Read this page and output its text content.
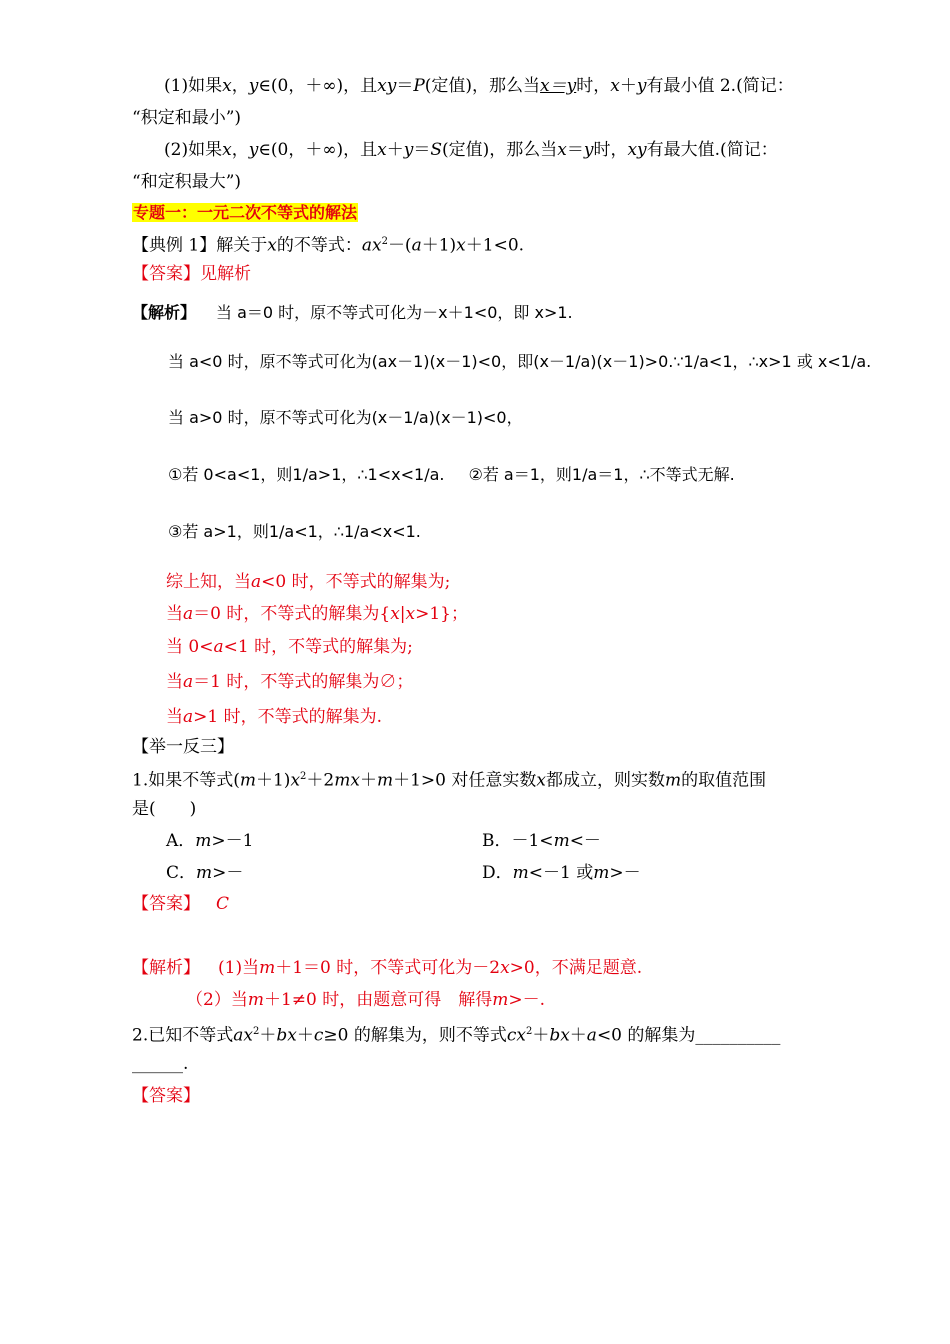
(1)如果x，y∈(0，＋∞)，且xy＝P(定值)，那么当x＝y时，x＋y有最小值 2.(简记：
“积定和最小”)
(2)如果x，y∈(0，＋∞)，且x＋y＝S(定值)，那么当x＝y时，xy有最大值.(简记：
“和定积最大”)
专题一：一元二次不等式的解法
【典例 1】解关于x的不等式：$ax^2-(a+1)x+1<0$.
【答案】见解析
【解析】 当 a＝0 时，原不等式可化为－x＋1<0，即 x>1.
当 a<0 时，原不等式可化为(ax－1)(x－1)<0，即(x－1/a)(x－1)>0.∵1/a<1，∴x>1 或 x<1/a.
当 a>0 时，原不等式可化为(x－1/a)(x－1)<0，
①若 0<a<1，则1/a>1，∴1<x<1/a. ②若 a＝1，则1/a＝1，∴不等式无解.
③若 a>1，则1/a<1，∴1/a<x<1.
综上知，当a<0 时，不等式的解集为;
当a＝0 时，不等式的解集为{x|x>1}；
当 0<a<1 时，不等式的解集为;
当a＝1 时，不等式的解集为∅；
当a>1 时，不等式的解集为.
【举一反三】
1.如果不等式$(m+1)x^2+2mx+m+1>0$ 对任意实数x都成立，则实数m的取值范围
是(　　)
A．m>－1	B．－1<m<－
C．m>－	D．m<－1 或m>－
【答案】 C
【解析】 (1)当m＋1＝0 时，不等式可化为－2x>0，不满足题意.
（2）当m＋1≠0 时，由题意可得　解得m>－.
2.已知不等式$ax^2+bx+c\ge 0$ 的解集为，则不等式$cx^2+bx+a<0$ 的解集为__________
______.
【答案】
